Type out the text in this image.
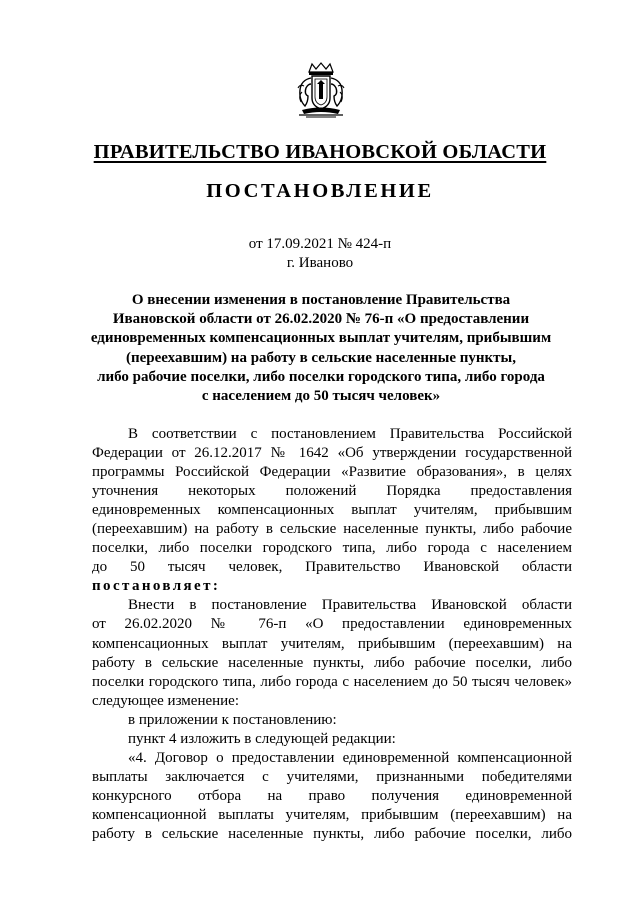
ПРАВИТЕЛЬСТВО ИВАНОВСКОЙ ОБЛАСТИ
ПОСТАНОВЛЕНИЕ
от 17.09.2021 № 424-п
г. Иваново
О внесении изменения в постановление Правительства
Ивановской области от 26.02.2020 № 76-п «О предоставлении
единовременных компенсационных выплат учителям, прибывшим
(переехавшим) на работу в сельские населенные пункты,
либо рабочие поселки, либо поселки городского типа, либо города
с населением до 50 тысяч человек»
В соответствии с постановлением Правительства Российской
Федерации от 26.12.2017 № 1642 «Об утверждении государственной
программы Российской Федерации «Развитие образования», в целях
уточнения некоторых положений Порядка предоставления
единовременных компенсационных выплат учителям, прибывшим
(переехавшим) на работу в сельские населенные пункты, либо рабочие
поселки, либо поселки городского типа, либо города с населением
до 50 тысяч человек, Правительство Ивановской области
постановляет:
Внести в постановление Правительства Ивановской области
от 26.02.2020 № 76-п «О предоставлении единовременных
компенсационных выплат учителям, прибывшим (переехавшим) на
работу в сельские населенные пункты, либо рабочие поселки, либо
поселки городского типа, либо города с населением до 50 тысяч человек»
следующее изменение:
в приложении к постановлению:
пункт 4 изложить в следующей редакции:
«4. Договор о предоставлении единовременной компенсационной
выплаты заключается с учителями, признанными победителями
конкурсного отбора на право получения единовременной
компенсационной выплаты учителям, прибывшим (переехавшим) на
работу в сельские населенные пункты, либо рабочие поселки, либо
